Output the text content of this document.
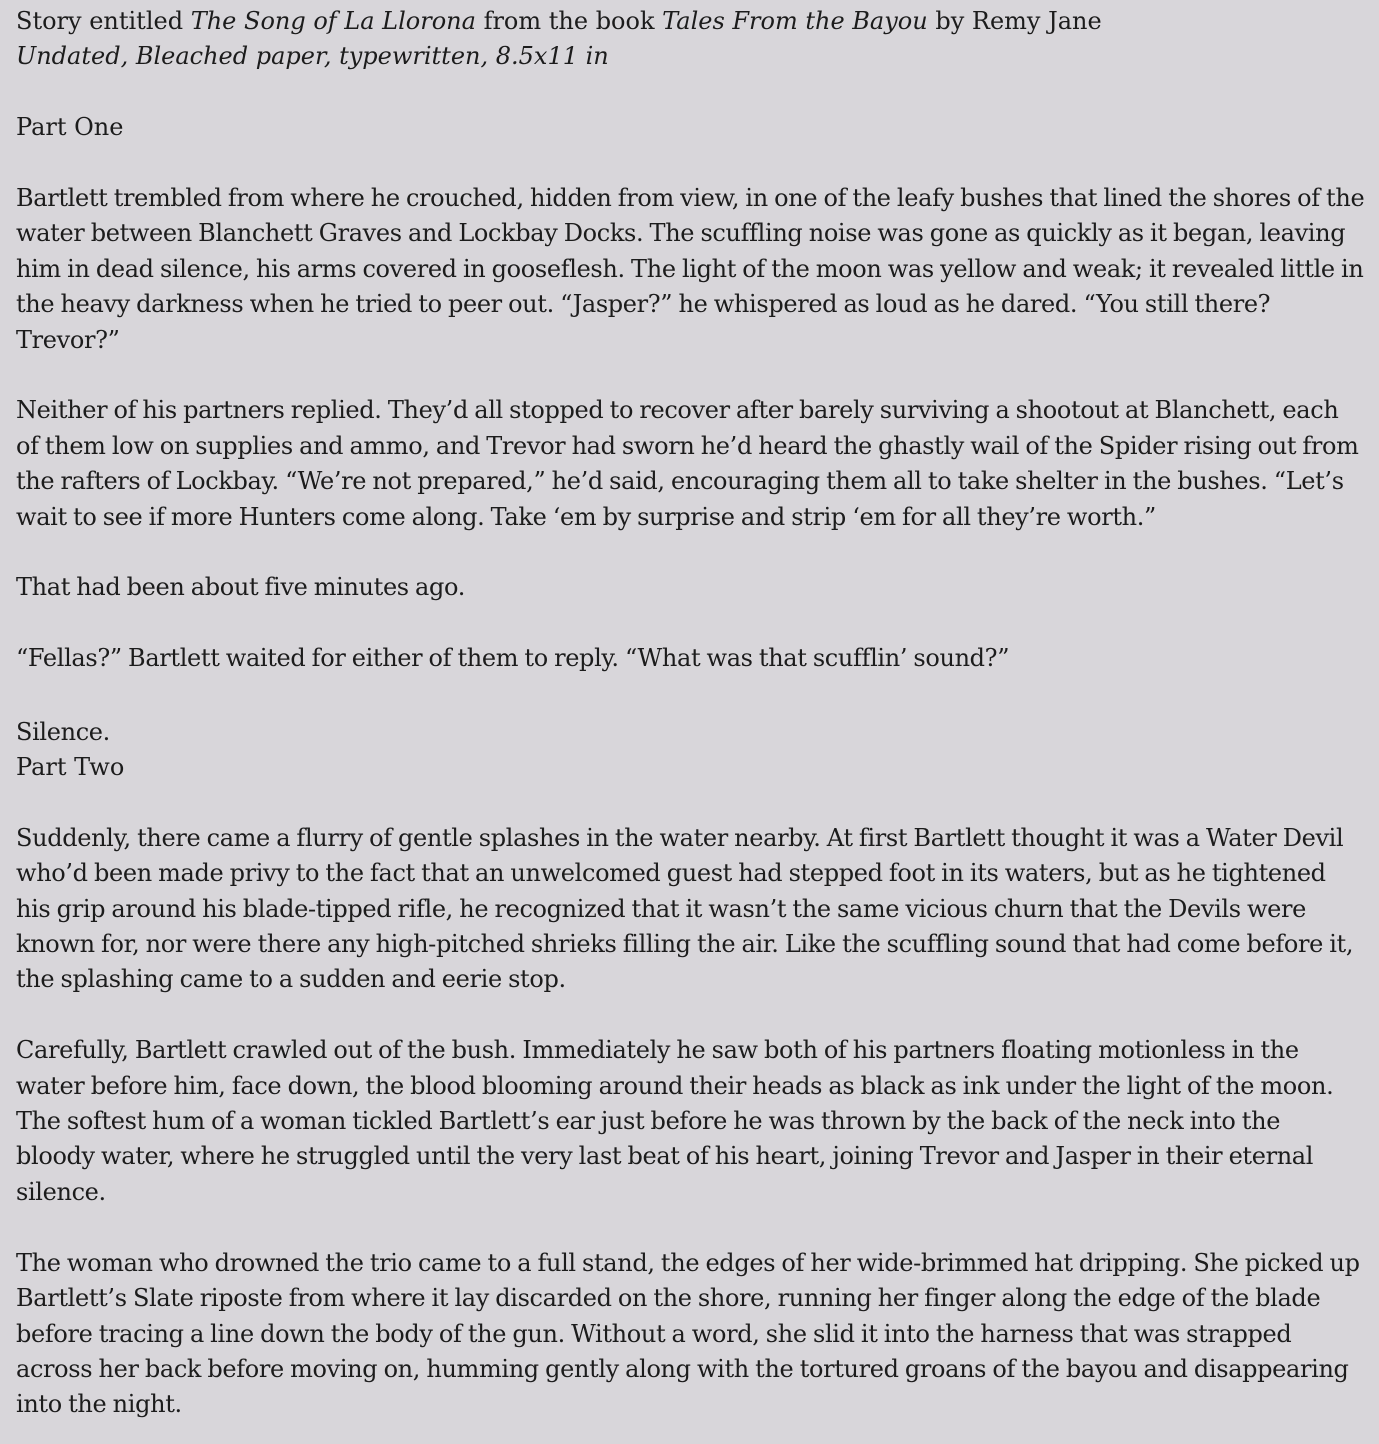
Story entitled The Song of La Llorona from the book Tales From the Bayou by Remy Jane
Undated, Bleached paper, typewritten, 8.5x11 in
Part One

Bartlett trembled from where he crouched, hidden from view, in one of the leafy bushes that lined the shores of the water between Blanchett Graves and Lockbay Docks. The scuffling noise was gone as quickly as it began, leaving him in dead silence, his arms covered in gooseflesh. The light of the moon was yellow and weak; it revealed little in the heavy darkness when he tried to peer out. “Jasper?” he whispered as loud as he dared. “You still there? Trevor?”

Neither of his partners replied. They’d all stopped to recover after barely surviving a shootout at Blanchett, each of them low on supplies and ammo, and Trevor had sworn he’d heard the ghastly wail of the Spider rising out from the rafters of Lockbay. “We’re not prepared,” he’d said, encouraging them all to take shelter in the bushes. “Let’s wait to see if more Hunters come along. Take ‘em by surprise and strip ‘em for all they’re worth.”

That had been about five minutes ago.

“Fellas?” Bartlett waited for either of them to reply. “What was that scufflin’ sound?”

Silence.

Part Two

Suddenly, there came a flurry of gentle splashes in the water nearby. At first Bartlett thought it was a Water Devil who’d been made privy to the fact that an unwelcomed guest had stepped foot in its waters, but as he tightened his grip around his blade-tipped rifle, he recognized that it wasn’t the same vicious churn that the Devils were known for, nor were there any high-pitched shrieks filling the air. Like the scuffling sound that had come before it, the splashing came to a sudden and eerie stop.

Carefully, Bartlett crawled out of the bush. Immediately he saw both of his partners floating motionless in the water before him, face down, the blood blooming around their heads as black as ink under the light of the moon. The softest hum of a woman tickled Bartlett’s ear just before he was thrown by the back of the neck into the bloody water, where he struggled until the very last beat of his heart, joining Trevor and Jasper in their eternal silence.

The woman who drowned the trio came to a full stand, the edges of her wide-brimmed hat dripping. She picked up Bartlett’s Slate riposte from where it lay discarded on the shore, running her finger along the edge of the blade before tracing a line down the body of the gun. Without a word, she slid it into the harness that was strapped across her back before moving on, humming gently along with the tortured groans of the bayou and disappearing into the night.
